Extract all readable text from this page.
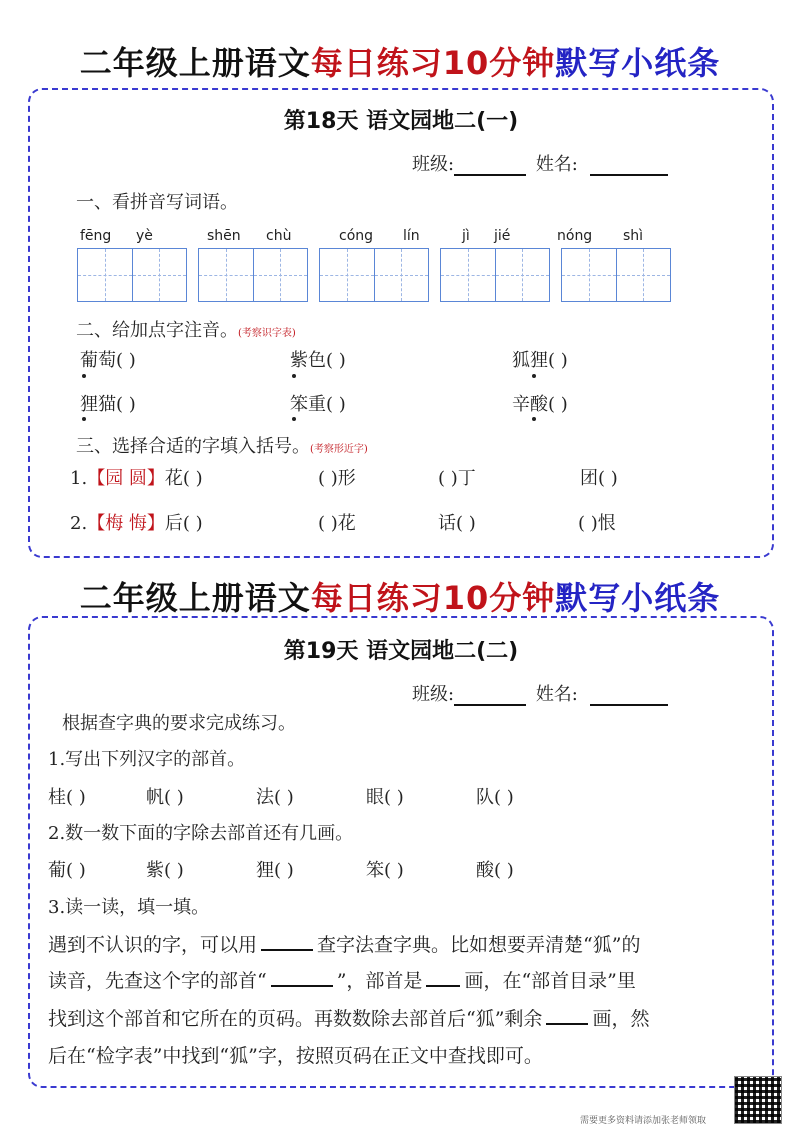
二年级上册语文每日练习10分钟默写小纸条
第18天 语文园地二(一)
班级:	姓名:
一、看拼音写词语。
fēng yè	shēn chù	cóng lín	jì jié	nóng shì
二、给加点字注音。(考察识字表)
葡萄( )	紫色( )	狐狸( )
狸猫( )	笨重( )	辛酸( )
三、选择合适的字填入括号。(考察形近字)
1.【园 圆】花( )	( )形	( )丁	团( )
2.【梅 悔】后( )	( )花	话( )	( )恨
二年级上册语文每日练习10分钟默写小纸条
第19天 语文园地二(二)
班级:	姓名:
根据查字典的要求完成练习。
1.写出下列汉字的部首。
桂( )	帆( )	法( )	眼( )	队( )
2.数一数下面的字除去部首还有几画。
葡( )	紫( )	狸( )	笨( )	酸( )
3.读一读，填一填。
遇到不认识的字，可以用	查字法查字典。比如想要弄清楚“狐”的
读音，先查这个字的部首“	”，部首是 画，在“部首目录”里
找到这个部首和它所在的页码。再数数除去部首后“狐”剩余	画，然
后在“检字表”中找到“狐”字，按照页码在正文中查找即可。
需要更多资料请添加张老师领取
